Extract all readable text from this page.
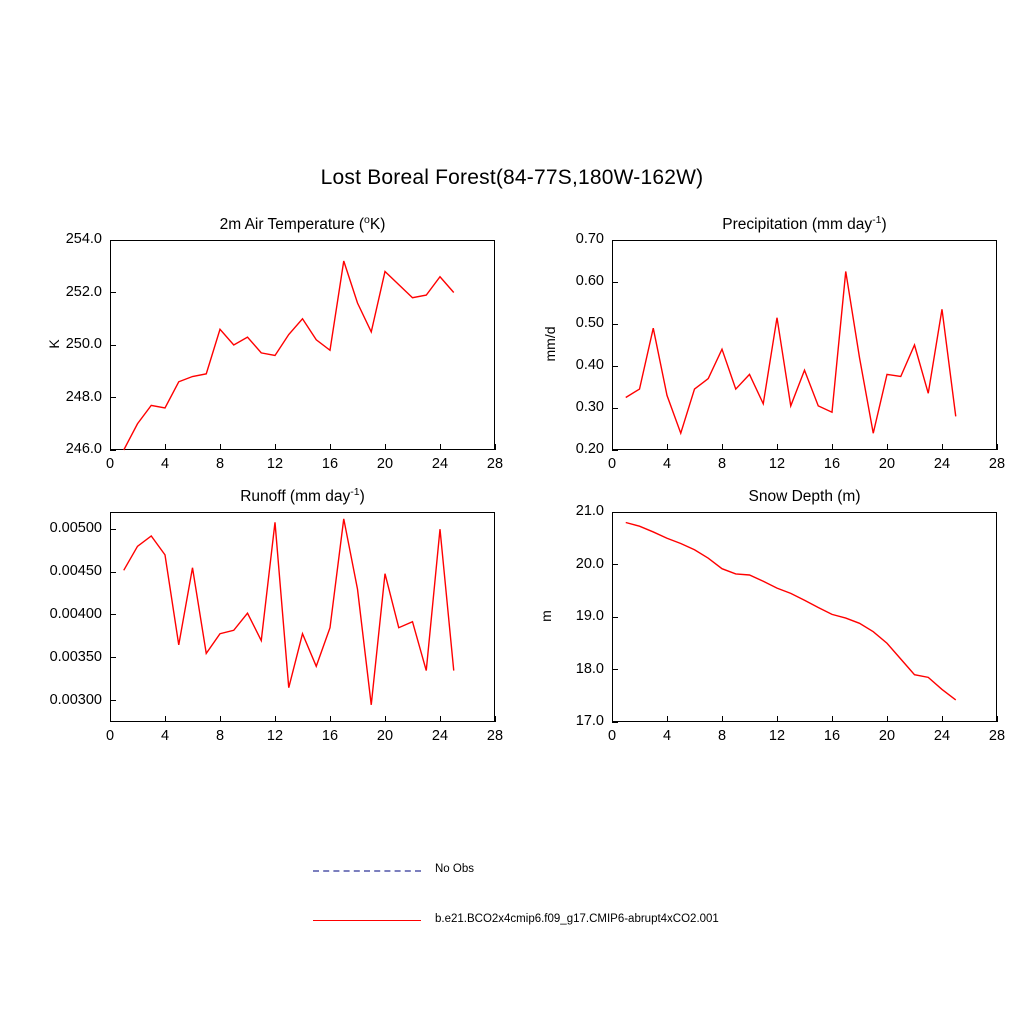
Lost Boreal Forest(84-77S,180W-162W)
2m Air Temperature ($^o$K)
K
0	4	8	12	16	20	24	28
246.0
248.0
250.0
252.0
254.0
Precipitation (mm day$^{-1}$)
mm/d
0	4	8	12	16	20	24	28
0.20
0.30
0.40
0.50
0.60
0.70
Runoff (mm day$^{-1}$)
0	4	8	12	16	20	24	28
0.00300
0.00350
0.00400
0.00450
0.00500
Snow Depth (m)
m
0	4	8	12	16	20	24	28
17.0
18.0
19.0
20.0
21.0
No Obs
b.e21.BCO2x4cmip6.f09_g17.CMIP6-abrupt4xCO2.001
